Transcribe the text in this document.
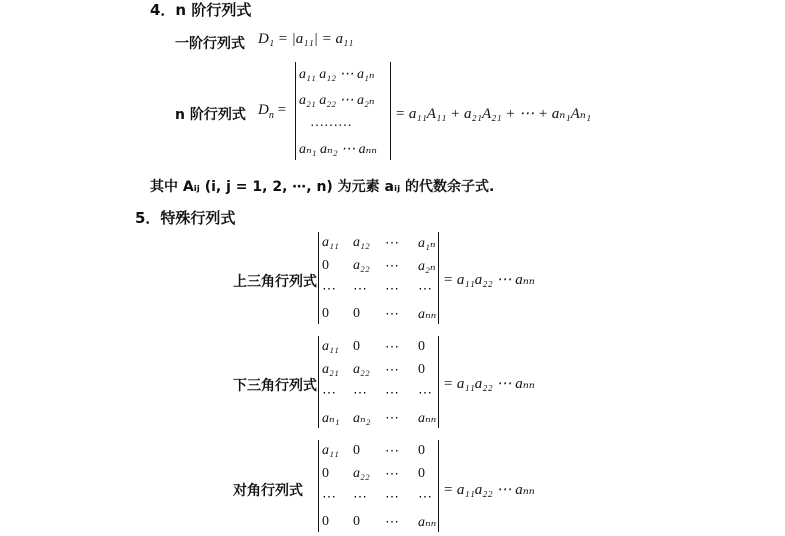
4．n 阶行列式
一阶行列式 D₁ = |a₁₁| = a₁₁
n 阶行列式 $D_n$ =
a₁₁ a₁₂ ⋯ a₁ₙ
a₂₁ a₂₂ ⋯ a₂ₙ
………
aₙ₁ aₙ₂ ⋯ aₙₙ
= a₁₁A₁₁ + a₂₁A₂₁ + ⋯ + aₙ₁Aₙ₁
其中 Aᵢⱼ (i, j = 1, 2, ⋯, n) 为元素 aᵢⱼ 的代数余子式.
5．特殊行列式
上三角行列式
a₁₁ a₁₂ ⋯ a₁ₙ
0 a₂₂ ⋯ a₂ₙ
⋯ ⋯ ⋯ ⋯
0 0 ⋯ aₙₙ
= a₁₁a₂₂ ⋯ aₙₙ
下三角行列式
a₁₁ 0 ⋯ 0
a₂₁ a₂₂ ⋯ 0
⋯ ⋯ ⋯ ⋯
aₙ₁ aₙ₂ ⋯ aₙₙ
= a₁₁a₂₂ ⋯ aₙₙ
对角行列式
a₁₁ 0 ⋯ 0
0 a₂₂ ⋯ 0
⋯ ⋯ ⋯ ⋯
0 0 ⋯ aₙₙ
= a₁₁a₂₂ ⋯ aₙₙ
